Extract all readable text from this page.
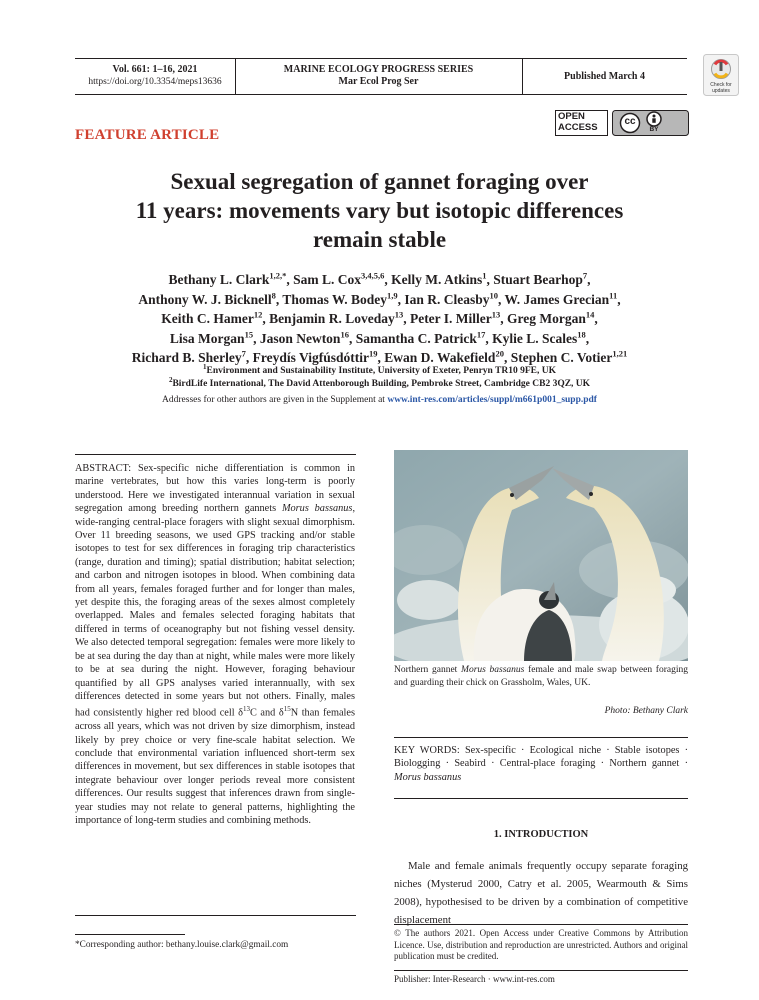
Vol. 661: 1–16, 2021
https://doi.org/10.3354/meps13636
MARINE ECOLOGY PROGRESS SERIES
Mar Ecol Prog Ser	Published March 4
Check for
updates
FEATURE ARTICLE
OPEN
ACCESS	cc
BY
Sexual segregation of gannet foraging over
11 years: movements vary but isotopic differences
remain stable
Bethany L. Clark$^{1,2,*}$, Sam L. Cox$^{3,4,5,6}$, Kelly M. Atkins$^1$, Stuart Bearhop$^7$,
Anthony W. J. Bicknell$^8$, Thomas W. Bodey$^{1,9}$, Ian R. Cleasby$^{10}$, W. James Grecian$^{11}$,
Keith C. Hamer$^{12}$, Benjamin R. Loveday$^{13}$, Peter I. Miller$^{13}$, Greg Morgan$^{14}$,
Lisa Morgan$^{15}$, Jason Newton$^{16}$, Samantha C. Patrick$^{17}$, Kylie L. Scales$^{18}$,
Richard B. Sherley$^7$, Freydís Vigfúsdóttir$^{19}$, Ewan D. Wakefield$^{20}$, Stephen C. Votier$^{1,21}$
$^1$Environment and Sustainability Institute, University of Exeter, Penryn TR10 9FE, UK
$^2$BirdLife International, The David Attenborough Building, Pembroke Street, Cambridge CB2 3QZ, UK
Addresses for other authors are given in the Supplement at www.int-res.com/articles/suppl/m661p001_supp.pdf
ABSTRACT: Sex-specific niche differentiation is common in marine vertebrates, but how this varies long-term is poorly understood. Here we investigated interannual variation in sexual segregation among breeding northern gannets Morus bassanus, wide-ranging central-place foragers with slight sexual dimorphism. Over 11 breeding seasons, we used GPS tracking and/or stable isotopes to test for sex differences in foraging trip characteristics (range, duration and timing); spatial distribution; habitat selection; and carbon and nitrogen isotopes in blood. When combining data from all years, females foraged further and for longer than males, yet despite this, the foraging areas of the sexes almost completely overlapped. Males and females selected foraging habitats that differed in terms of oceanography but not fishing vessel density. We also detected temporal segregation: females were more likely to be at sea during the day than at night, while males were more likely to be at sea during the night. However, foraging behaviour quantified by all GPS analyses varied interannually, with sex differences detected in some years but not others. Finally, males had consistently higher red blood cell $\delta^{13}C$ and $\delta^{15}N$ than females across all years, which was not driven by size dimorphism, instead likely by prey choice or very fine-scale habitat selection. We conclude that environmental variation influenced short-term sex differences in movement, but sex differences in stable isotopes that integrate behaviour over longer periods reveal more consistent differences. Our results suggest that inferences drawn from single-year studies may not relate to general patterns, highlighting the importance of long-term studies and combining methods.
Northern gannet Morus bassanus female and male swap between foraging and guarding their chick on Grassholm, Wales, UK.
Photo: Bethany Clark
KEY WORDS: Sex-specific · Ecological niche · Stable isotopes · Biologging · Seabird · Central-place foraging · Northern gannet · Morus bassanus
1. INTRODUCTION
Male and female animals frequently occupy separate foraging niches (Mysterud 2000, Catry et al. 2005, Wearmouth & Sims 2008), hypothesised to be driven by a combination of competitive displacement
*Corresponding author: bethany.louise.clark@gmail.com
© The authors 2021. Open Access under Creative Commons by Attribution Licence. Use, distribution and reproduction are unrestricted. Authors and original publication must be credited.
Publisher: Inter-Research · www.int-res.com
